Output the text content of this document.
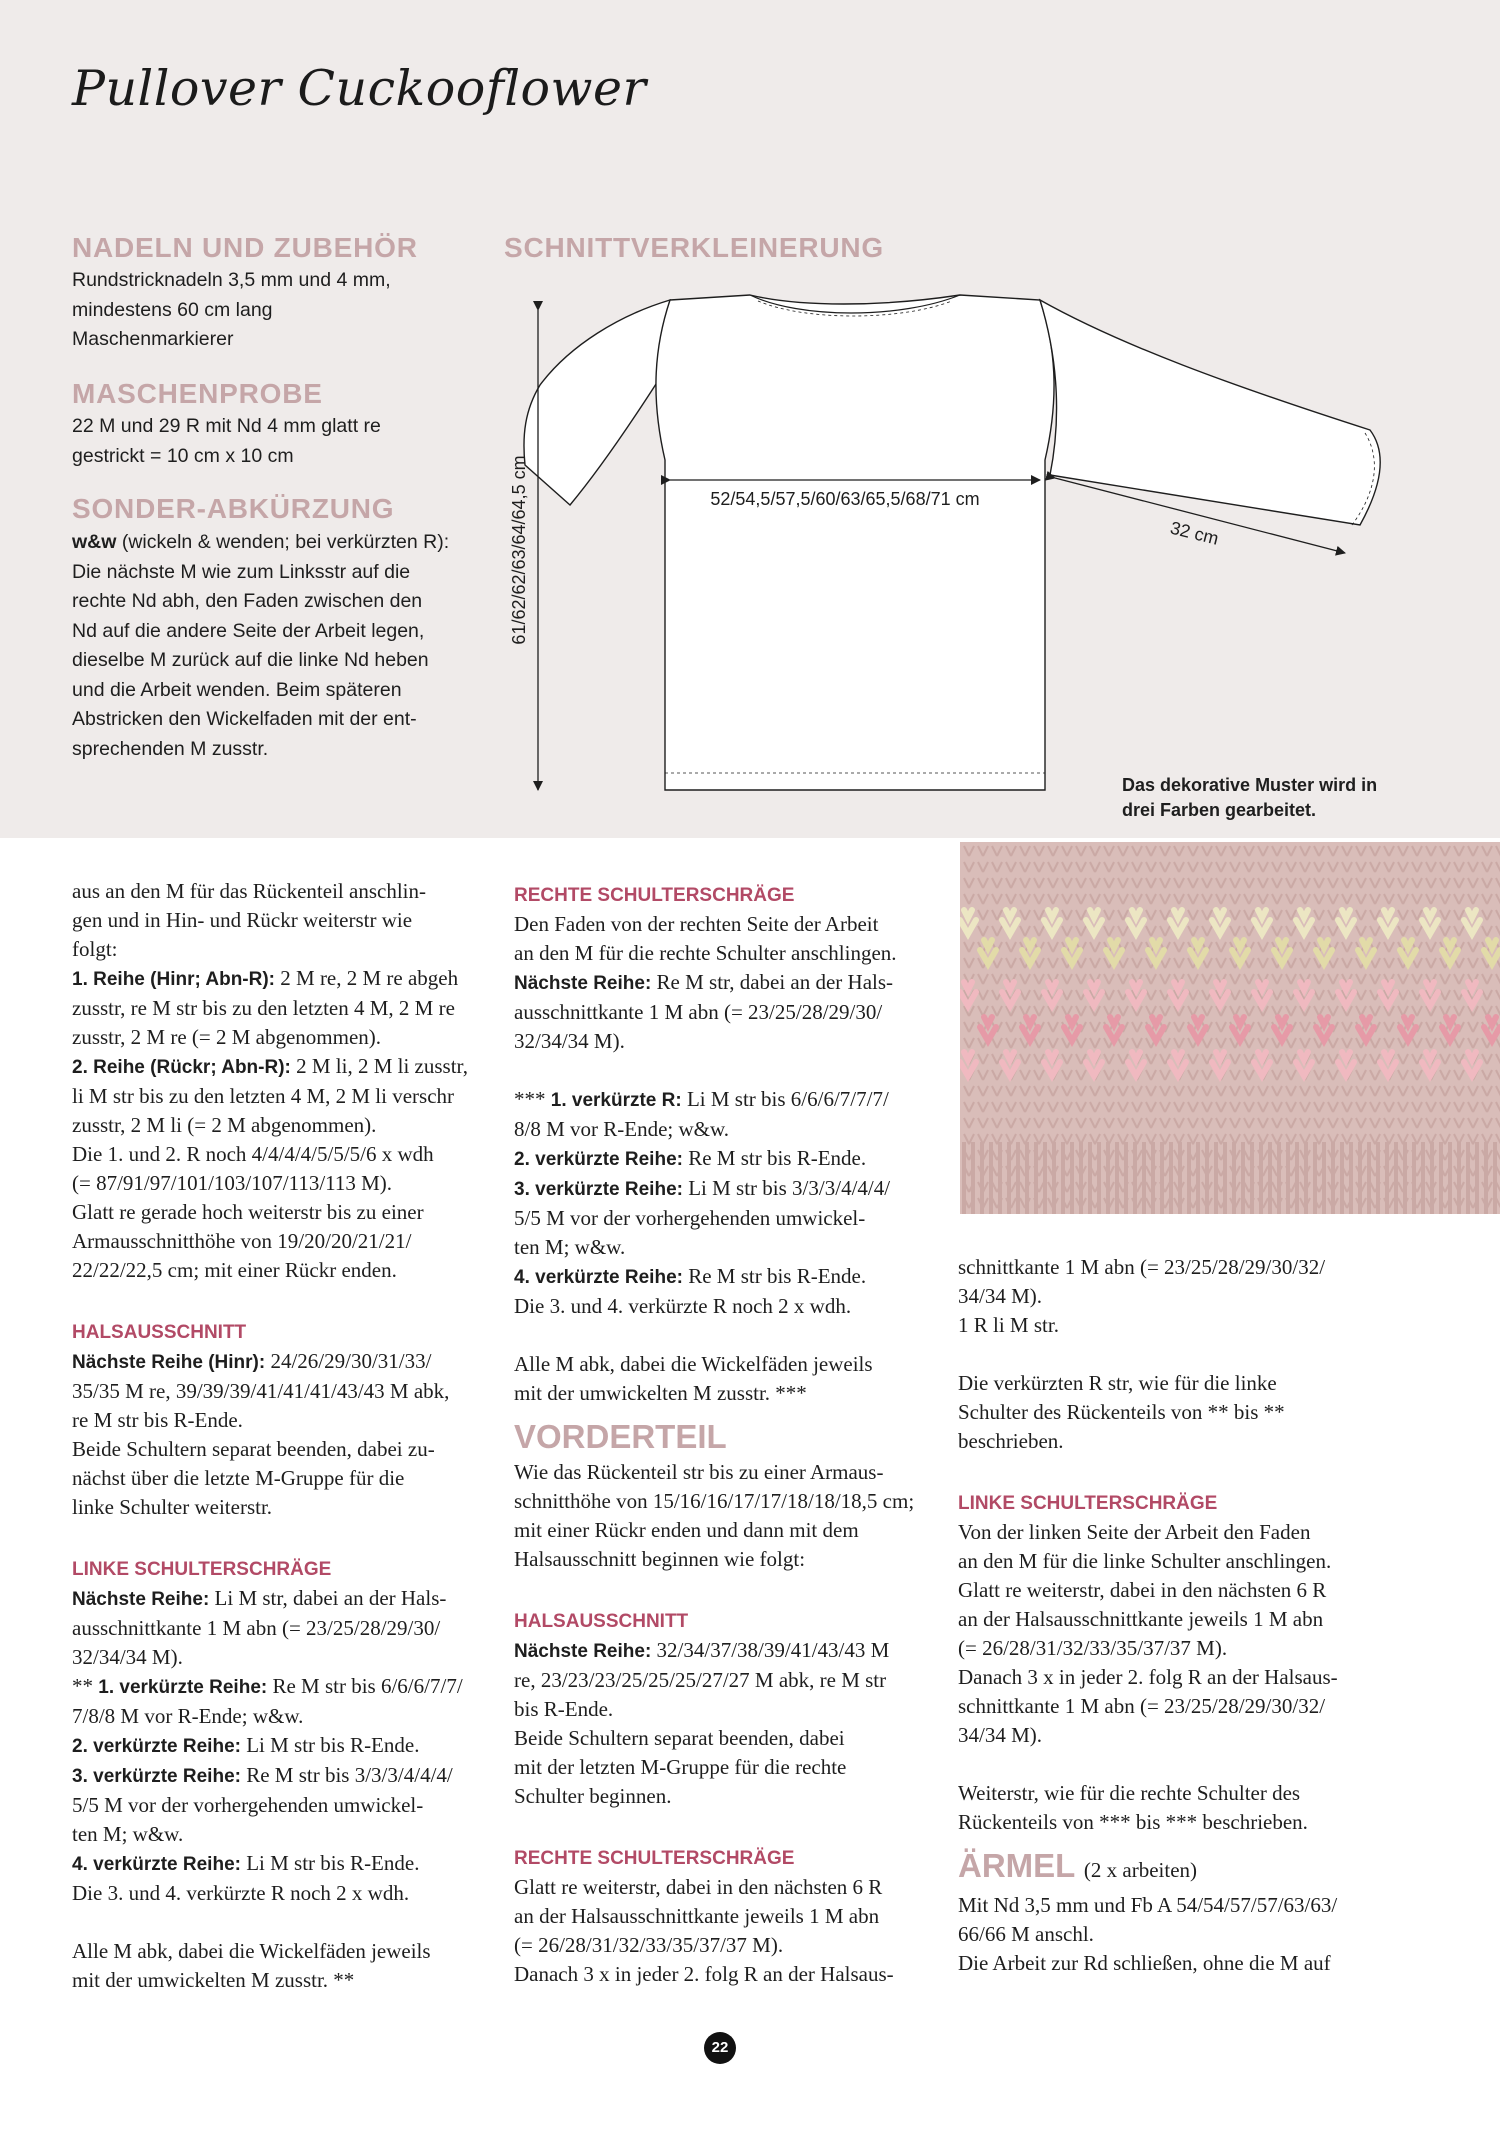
Pullover Cuckooflower
NADELN UND ZUBEHÖR

Rundstricknadeln 3,5 mm und 4 mm,

mindestens 60 cm lang

Maschenmarkierer

MASCHENPROBE

22 M und 29 R mit Nd 4 mm glatt re

gestrickt = 10 cm x 10 cm

SONDER-ABKÜRZUNG

w&w (wickeln & wenden; bei verkürzten R):

Die nächste M wie zum Linksstr auf die

rechte Nd abh, den Faden zwischen den

Nd auf die andere Seite der Arbeit legen,

dieselbe M zurück auf die linke Nd heben

und die Arbeit wenden. Beim späteren

Abstricken den Wickelfaden mit der ent-

sprechenden M zusstr.

SCHNITTVERKLEINERUNG
52/54,5/57,5/60/63/65,5/68/71 cm
61/62/62/63/64/64,5 cm	32 cm
Das dekorative Muster wird in
drei Farben gearbeitet.

aus an den M für das Rückenteil anschlin-

gen und in Hin- und Rückr weiterstr wie

folgt:

1. Reihe (Hinr; Abn-R): 2 M re, 2 M re abgeh

zusstr, re M str bis zu den letzten 4 M, 2 M re

zusstr, 2 M re (= 2 M abgenommen).

2. Reihe (Rückr; Abn-R): 2 M li, 2 M li zusstr,

li M str bis zu den letzten 4 M, 2 M li verschr

zusstr, 2 M li (= 2 M abgenommen).

Die 1. und 2. R noch 4/4/4/4/5/5/5/6 x wdh

(= 87/91/97/101/103/107/113/113 M).

Glatt re gerade hoch weiterstr bis zu einer

Armausschnitthöhe von 19/20/20/21/21/

22/22/22,5 cm; mit einer Rückr enden.

HALSAUSSCHNITT

Nächste Reihe (Hinr): 24/26/29/30/31/33/

35/35 M re, 39/39/39/41/41/41/43/43 M abk,

re M str bis R-Ende.

Beide Schultern separat beenden, dabei zu-

nächst über die letzte M-Gruppe für die

linke Schulter weiterstr.

LINKE SCHULTERSCHRÄGE

Nächste Reihe: Li M str, dabei an der Hals-

ausschnittkante 1 M abn (= 23/25/28/29/30/

32/34/34 M).

** 1. verkürzte Reihe: Re M str bis 6/6/6/7/7/

7/8/8 M vor R-Ende; w&w.

2. verkürzte Reihe: Li M str bis R-Ende.

3. verkürzte Reihe: Re M str bis 3/3/3/4/4/4/

5/5 M vor der vorhergehenden umwickel-

ten M; w&w.

4. verkürzte Reihe: Li M str bis R-Ende.

Die 3. und 4. verkürzte R noch 2 x wdh.

Alle M abk, dabei die Wickelfäden jeweils

mit der umwickelten M zusstr. **

RECHTE SCHULTERSCHRÄGE

Den Faden von der rechten Seite der Arbeit

an den M für die rechte Schulter anschlingen.

Nächste Reihe: Re M str, dabei an der Hals-

ausschnittkante 1 M abn (= 23/25/28/29/30/

32/34/34 M).

*** 1. verkürzte R: Li M str bis 6/6/6/7/7/7/

8/8 M vor R-Ende; w&w.

2. verkürzte Reihe: Re M str bis R-Ende.

3. verkürzte Reihe: Li M str bis 3/3/3/4/4/4/

5/5 M vor der vorhergehenden umwickel-

ten M; w&w.

4. verkürzte Reihe: Re M str bis R-Ende.

Die 3. und 4. verkürzte R noch 2 x wdh.

Alle M abk, dabei die Wickelfäden jeweils

mit der umwickelten M zusstr. ***

VORDERTEIL

Wie das Rückenteil str bis zu einer Armaus-

schnitthöhe von 15/16/16/17/17/18/18/18,5 cm;

mit einer Rückr enden und dann mit dem

Halsausschnitt beginnen wie folgt:

HALSAUSSCHNITT

Nächste Reihe: 32/34/37/38/39/41/43/43 M

re, 23/23/23/25/25/25/27/27 M abk, re M str

bis R-Ende.

Beide Schultern separat beenden, dabei

mit der letzten M-Gruppe für die rechte

Schulter beginnen.

RECHTE SCHULTERSCHRÄGE

Glatt re weiterstr, dabei in den nächsten 6 R

an der Halsausschnittkante jeweils 1 M abn

(= 26/28/31/32/33/35/37/37 M).

Danach 3 x in jeder 2. folg R an der Halsaus-

schnittkante 1 M abn (= 23/25/28/29/30/32/

34/34 M).

1 R li M str.

Die verkürzten R str, wie für die linke

Schulter des Rückenteils von ** bis **

beschrieben.

LINKE SCHULTERSCHRÄGE

Von der linken Seite der Arbeit den Faden

an den M für die linke Schulter anschlingen.

Glatt re weiterstr, dabei in den nächsten 6 R

an der Halsausschnittkante jeweils 1 M abn

(= 26/28/31/32/33/35/37/37 M).

Danach 3 x in jeder 2. folg R an der Halsaus-

schnittkante 1 M abn (= 23/25/28/29/30/32/

34/34 M).

Weiterstr, wie für die rechte Schulter des

Rückenteils von *** bis *** beschrieben.

ÄRMEL (2 x arbeiten)

Mit Nd 3,5 mm und Fb A 54/54/57/57/63/63/

66/66 M anschl.

Die Arbeit zur Rd schließen, ohne die M auf

22
